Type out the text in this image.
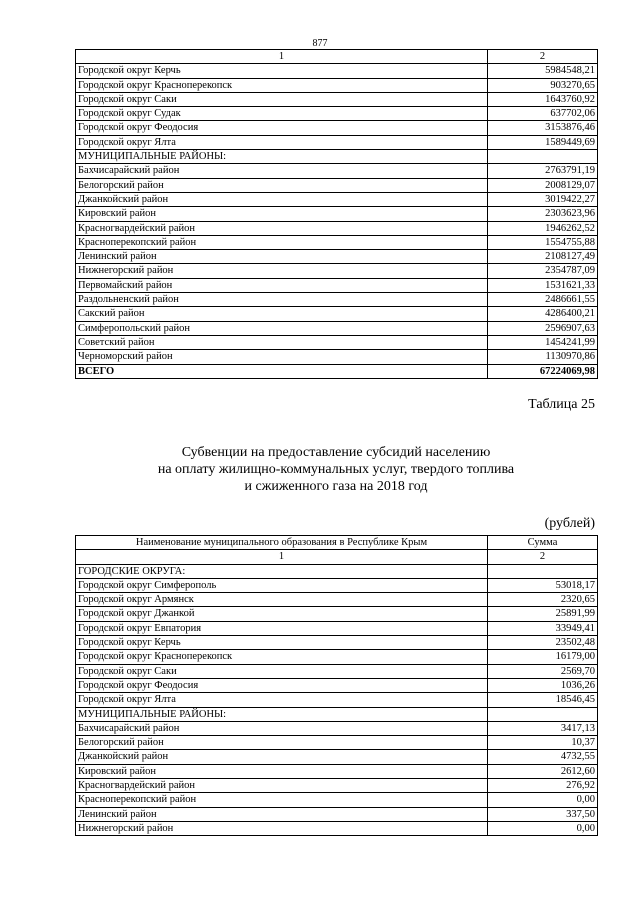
877
1	2
Городской округ Керчь	5984548,21
Городской округ Красноперекопск	903270,65
Городской округ Саки	1643760,92
Городской округ Судак	637702,06
Городской округ Феодосия	3153876,46
Городской округ Ялта	1589449,69
МУНИЦИПАЛЬНЫЕ РАЙОНЫ:	
Бахчисарайский район	2763791,19
Белогорский район	2008129,07
Джанкойский район	3019422,27
Кировский район	2303623,96
Красногвардейский район	1946262,52
Красноперекопский район	1554755,88
Ленинский район	2108127,49
Нижнегорский район	2354787,09
Первомайский район	1531621,33
Раздольненский район	2486661,55
Сакский район	4286400,21
Симферопольский район	2596907,63
Советский район	1454241,99
Черноморский район	1130970,86
ВСЕГО	67224069,98
Таблица 25
Субвенции на предоставление субсидий населению
на оплату жилищно-коммунальных услуг, твердого топлива
и сжиженного газа на 2018 год
(рублей)
Наименование муниципального образования в Республике Крым	Сумма
1	2
ГОРОДСКИЕ ОКРУГА:	
Городской округ Симферополь	53018,17
Городской округ Армянск	2320,65
Городской округ Джанкой	25891,99
Городской округ Евпатория	33949,41
Городской округ Керчь	23502,48
Городской округ Красноперекопск	16179,00
Городской округ Саки	2569,70
Городской округ Феодосия	1036,26
Городской округ Ялта	18546,45
МУНИЦИПАЛЬНЫЕ РАЙОНЫ:	
Бахчисарайский район	3417,13
Белогорский район	10,37
Джанкойский район	4732,55
Кировский район	2612,60
Красногвардейский район	276,92
Красноперекопский район	0,00
Ленинский район	337,50
Нижнегорский район	0,00
